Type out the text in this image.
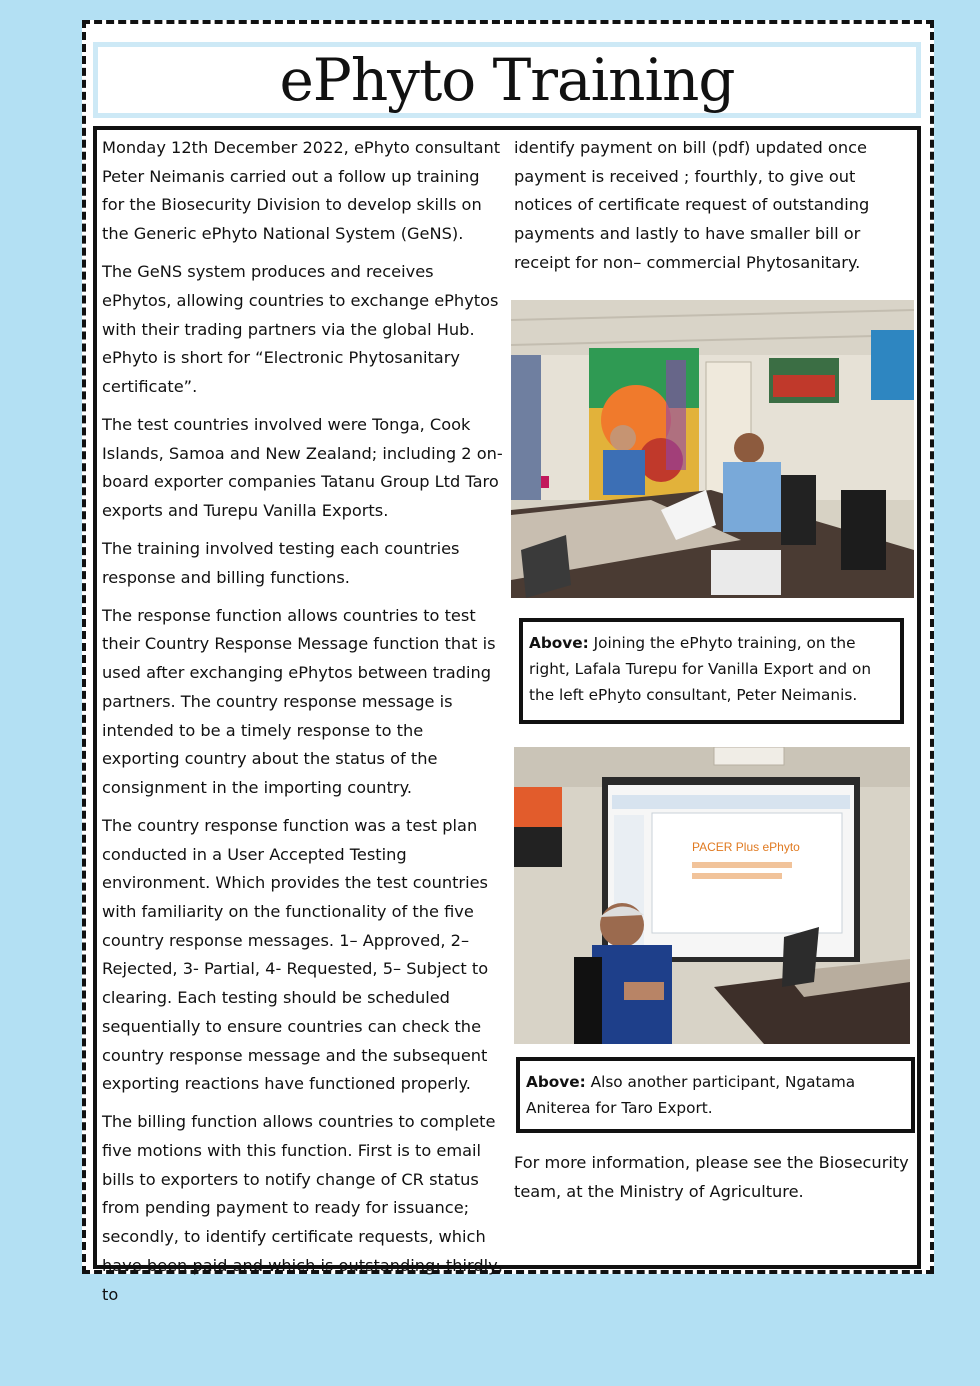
ePhyto Training

Monday 12th December 2022, ePhyto consultant Peter Neimanis carried out a follow up training for the Biosecurity Division to develop skills on the Generic ePhyto National System (GeNS).

The GeNS system produces and receives ePhytos, allowing countries to exchange ePhytos with their trading partners via the global Hub. ePhyto is short for “Electronic Phytosanitary certificate”.

The test countries involved were Tonga, Cook Islands, Samoa and New Zealand; including 2 on-board exporter companies Tatanu Group Ltd Taro exports and Turepu Vanilla Exports.

The training involved testing each countries response and billing functions.

The response function allows countries to test their Country Response Message function that is used after exchanging ePhytos between trading partners. The country response message is intended to be a timely response to the exporting country about the status of the consignment in the importing country.

The country response function was a test plan conducted in a User Accepted Testing environment. Which provides the test countries with familiarity on the functionality of the five country response messages. 1– Approved, 2– Rejected, 3- Partial, 4- Requested, 5– Subject to clearing. Each testing should be scheduled sequentially to ensure countries can check the country response message and the subsequent exporting reactions have functioned properly.

The billing function allows countries to complete five motions with this function. First is to email bills to exporters to notify change of CR status from pending payment to ready for issuance; secondly, to identify certificate requests, which have been paid and which is outstanding; thirdly, to

identify payment on bill (pdf) updated once payment is received ; fourthly, to give out notices of certificate request of outstanding payments and lastly to have smaller bill or receipt for non– commercial Phytosanitary.

Above: Joining the ePhyto training, on the right, Lafala Turepu for Vanilla Export and on the left ePhyto consultant, Peter Neimanis.
PACER Plus ePhyto
Above: Also another participant, Ngatama Aniterea for Taro Export.
For more information, please see the Biosecurity team, at the Ministry of Agriculture.
